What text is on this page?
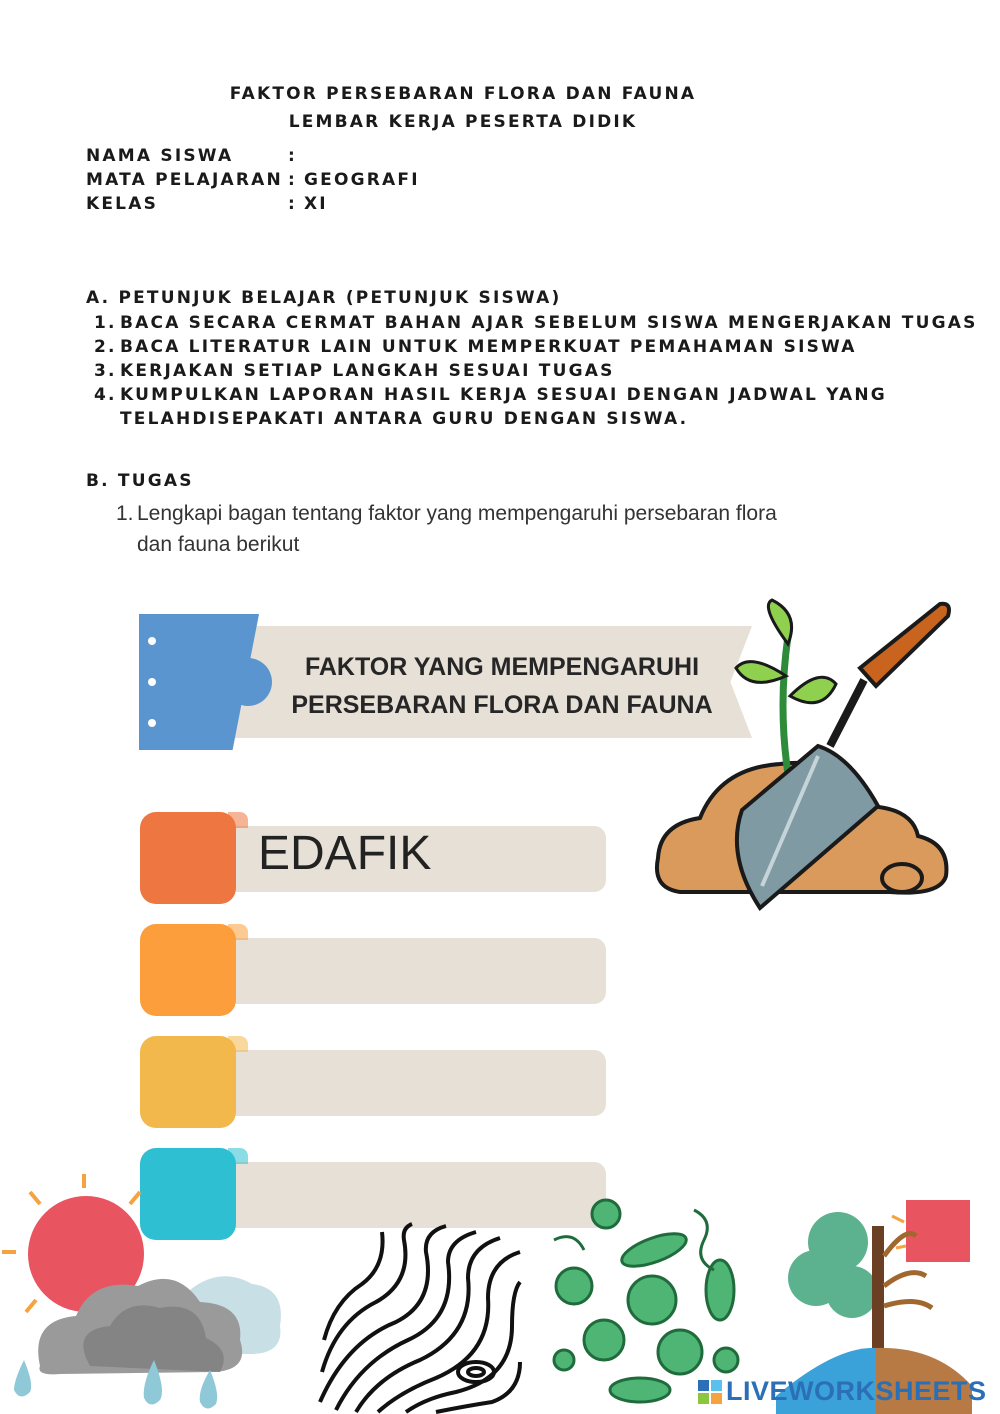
FAKTOR PERSEBARAN FLORA DAN FAUNA
LEMBAR KERJA PESERTA DIDIK
NAMA SISWA	:
MATA PELAJARAN : GEOGRAFI
KELAS	: XI
A. PETUNJUK BELAJAR (PETUNJUK SISWA)
1. BACA SECARA CERMAT BAHAN AJAR SEBELUM SISWA MENGERJAKAN TUGAS
2. BACA LITERATUR LAIN UNTUK MEMPERKUAT PEMAHAMAN SISWA
3. KERJAKAN SETIAP LANGKAH SESUAI TUGAS
4. KUMPULKAN LAPORAN HASIL KERJA SESUAI DENGAN JADWAL YANG
TELAHDISEPAKATI ANTARA GURU DENGAN SISWA.
B. TUGAS
1. Lengkapi bagan tentang faktor yang mempengaruhi persebaran flora
dan fauna berikut
FAKTOR YANG MEMPENGARUHI
PERSEBARAN FLORA DAN FAUNA
EDAFIK
LIVEWORKSHEETS
